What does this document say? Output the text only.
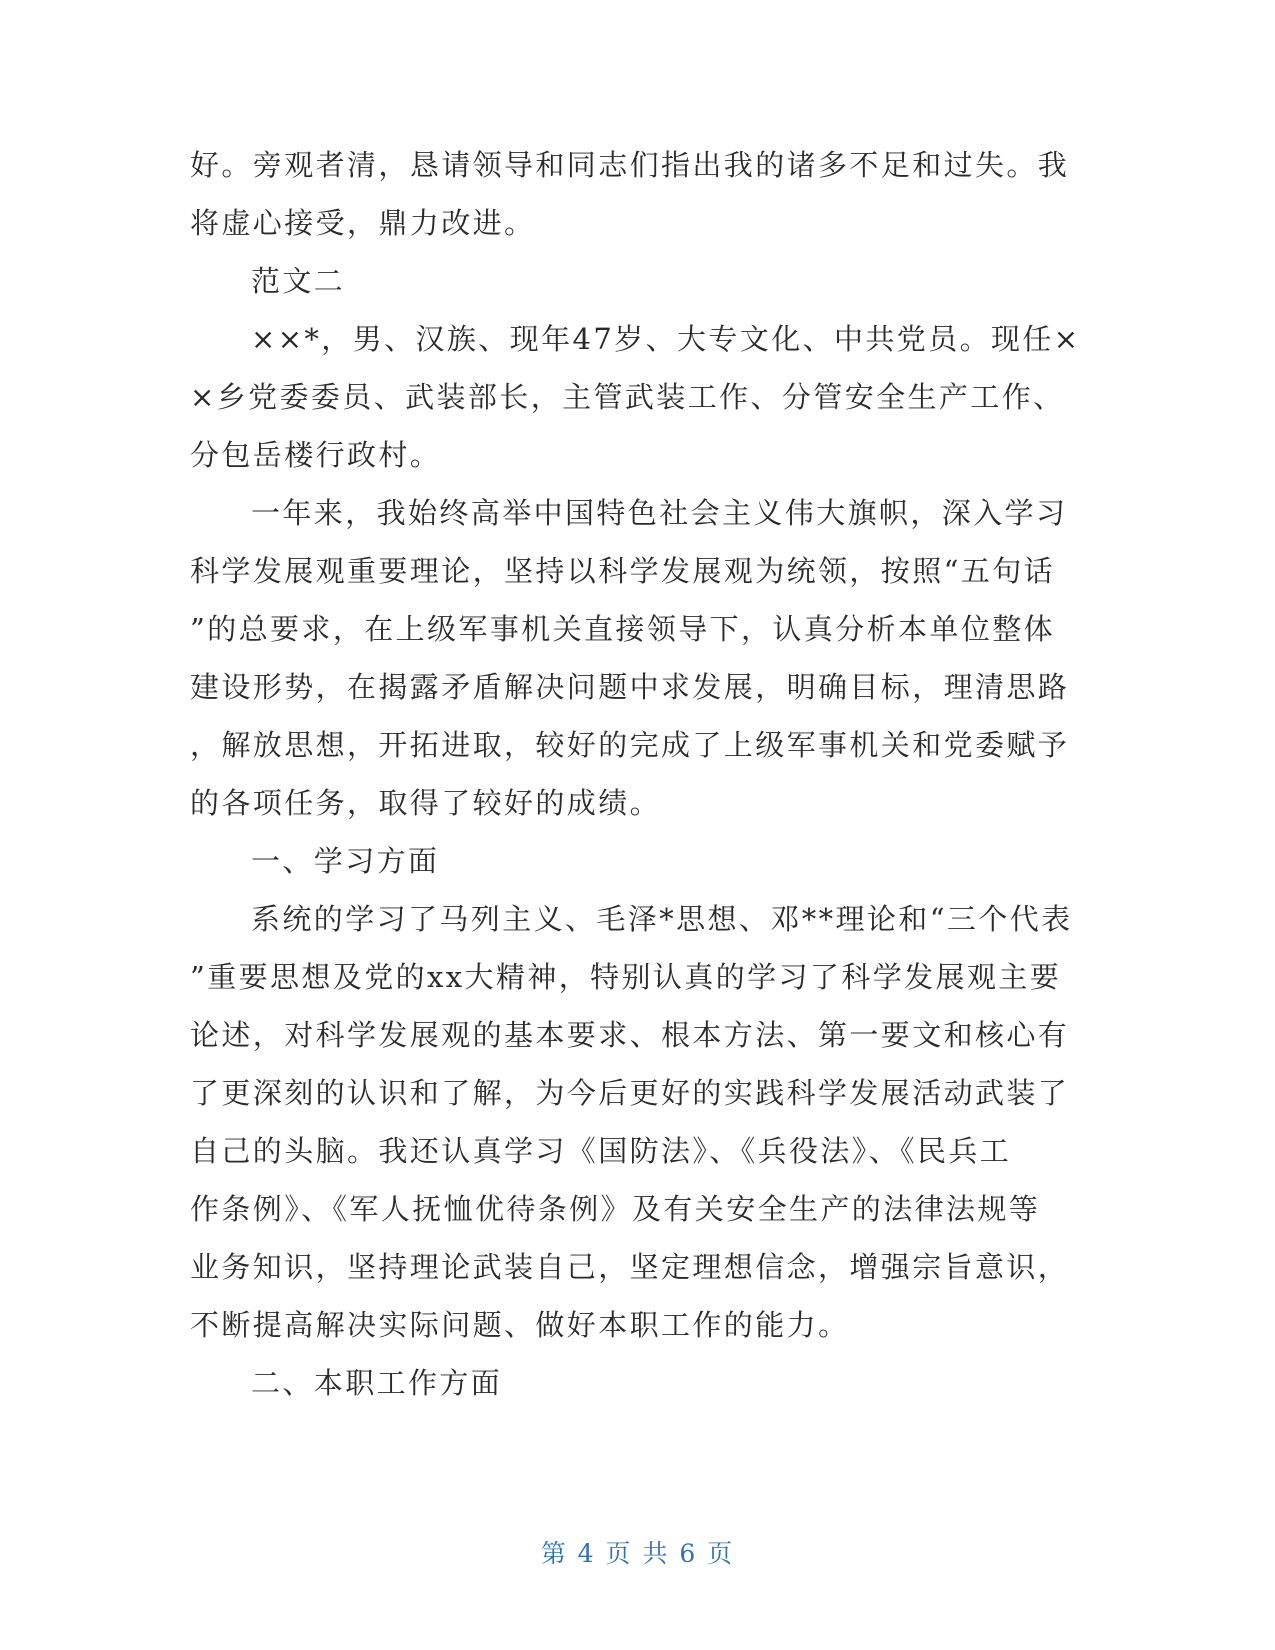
好。旁观者清，恳请领导和同志们指出我的诸多不足和过失。我
将虚心接受，鼎力改进。
范文二
××*，男、汉族、现年47岁、大专文化、中共党员。现任×
×乡党委委员、武装部长，主管武装工作、分管安全生产工作、
分包岳楼行政村。
一年来，我始终高举中国特色社会主义伟大旗帜，深入学习
科学发展观重要理论，坚持以科学发展观为统领，按照“五句话
”的总要求，在上级军事机关直接领导下，认真分析本单位整体
建设形势，在揭露矛盾解决问题中求发展，明确目标，理清思路
，解放思想，开拓进取，较好的完成了上级军事机关和党委赋予
的各项任务，取得了较好的成绩。
一、学习方面
系统的学习了马列主义、毛泽*思想、邓**理论和“三个代表
”重要思想及党的xx大精神，特别认真的学习了科学发展观主要
论述，对科学发展观的基本要求、根本方法、第一要文和核心有
了更深刻的认识和了解，为今后更好的实践科学发展活动武装了
自己的头脑。我还认真学习《国防法》、《兵役法》、《民兵工
作条例》、《军人抚恤优待条例》及有关安全生产的法律法规等
业务知识，坚持理论武装自己，坚定理想信念，增强宗旨意识，
不断提高解决实际问题、做好本职工作的能力。
二、本职工作方面
第 4 页 共 6 页
